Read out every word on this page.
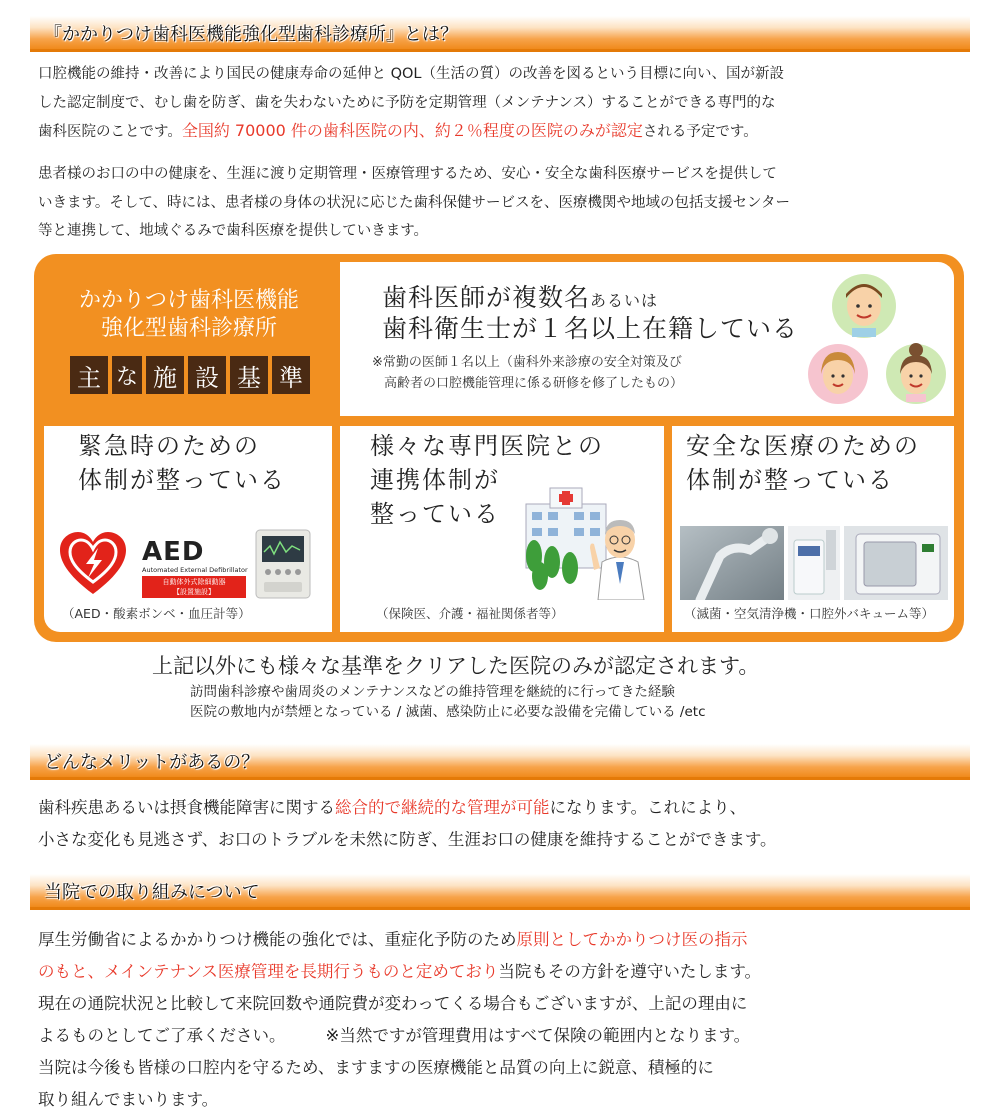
『かかりつけ歯科医機能強化型歯科診療所』とは？
口腔機能の維持・改善により国民の健康寿命の延伸と QOL（生活の質）の改善を図るという目標に向い、国が新設
した認定制度で、むし歯を防ぎ、歯を失わないために予防を定期管理（メンテナンス）することができる専門的な
歯科医院のことです。全国約 70000 件の歯科医院の内、約２％程度の医院のみが認定される予定です。
患者様のお口の中の健康を、生涯に渡り定期管理・医療管理するため、安心・安全な歯科医療サービスを提供して
いきます。そして、時には、患者様の身体の状況に応じた歯科保健サービスを、医療機関や地域の包括支援センター
等と連携して、地域ぐるみで歯科医療を提供していきます。
かかりつけ歯科医機能
強化型歯科診療所
主 な 施 設 基 準
歯科医師が複数名あるいは
歯科衛生士が１名以上在籍している
※常勤の医師１名以上（歯科外来診療の安全対策及び
高齢者の口腔機能管理に係る研修を修了したもの）
緊急時のための
体制が整っている
AED
Automated External Defibrillator
自動体外式除細動器
【設置施設】
（AED・酸素ボンベ・血圧計等）
様々な専門医院との
連携体制が
整っている
（保険医、介護・福祉関係者等）
安全な医療のための
体制が整っている
（滅菌・空気清浄機・口腔外バキューム等）
上記以外にも様々な基準をクリアした医院のみが認定されます。
訪問歯科診療や歯周炎のメンテナンスなどの維持管理を継続的に行ってきた経験
医院の敷地内が禁煙となっている / 滅菌、感染防止に必要な設備を完備している /etc
どんなメリットがあるの？
歯科疾患あるいは摂食機能障害に関する総合的で継続的な管理が可能になります。これにより、
小さな変化も見逃さず、お口のトラブルを未然に防ぎ、生涯お口の健康を維持することができます。
当院での取り組みについて
厚生労働省によるかかりつけ機能の強化では、重症化予防のため原則としてかかりつけ医の指示
のもと、メインテナンス医療管理を長期行うものと定めており当院もその方針を遵守いたします。
現在の通院状況と比較して来院回数や通院費が変わってくる場合もございますが、上記の理由に
よるものとしてご了承ください。 ※当然ですが管理費用はすべて保険の範囲内となります。
当院は今後も皆様の口腔内を守るため、ますますの医療機能と品質の向上に鋭意、積極的に
取り組んでまいります。
